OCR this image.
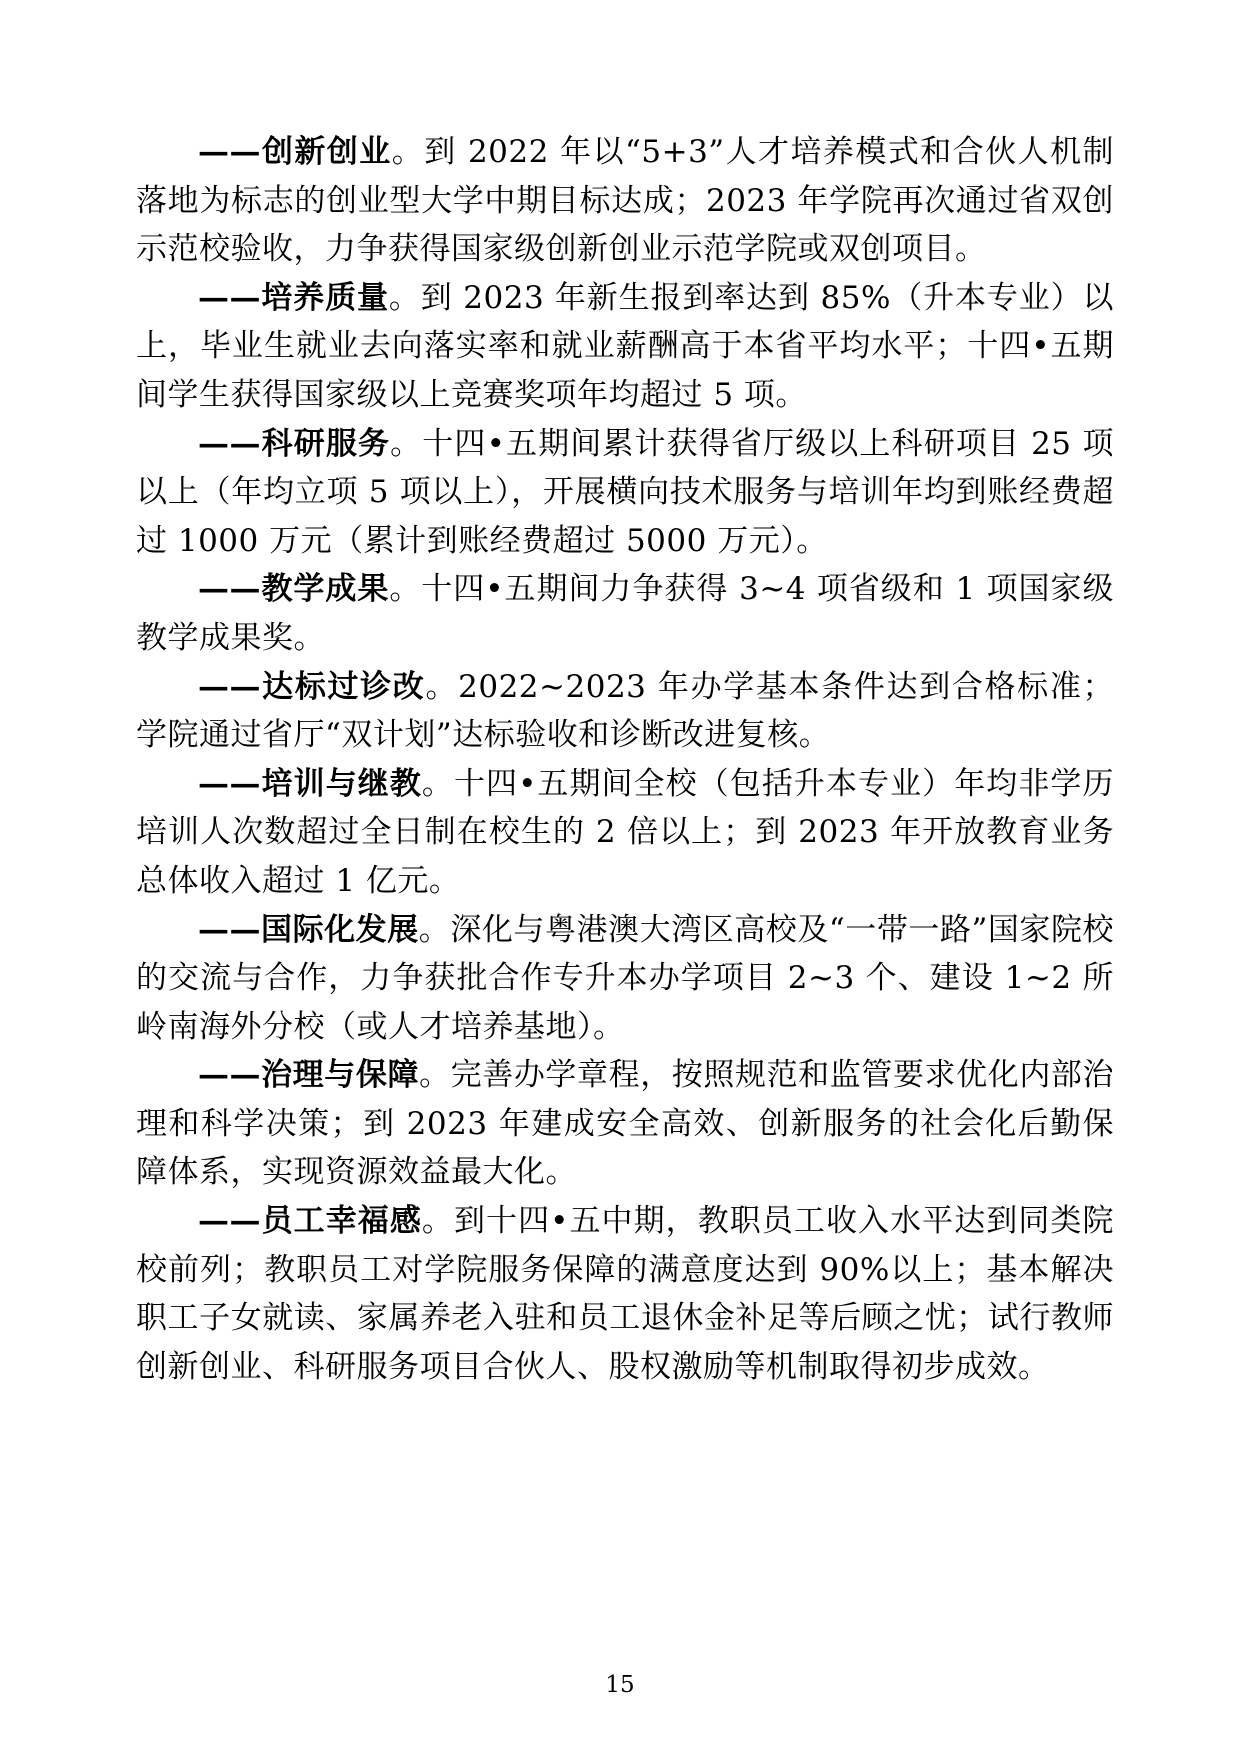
——创新创业。到 2022 年以“5+3”人才培养模式和合伙人机制落地为标志的创业型大学中期目标达成；2023 年学院再次通过省双创示范校验收，力争获得国家级创新创业示范学院或双创项目。

——培养质量。到 2023 年新生报到率达到 85%（升本专业）以上，毕业生就业去向落实率和就业薪酬高于本省平均水平；十四•五期间学生获得国家级以上竞赛奖项年均超过 5 项。

——科研服务。十四•五期间累计获得省厅级以上科研项目 25 项以上（年均立项 5 项以上），开展横向技术服务与培训年均到账经费超过 1000 万元（累计到账经费超过 5000 万元）。

——教学成果。十四•五期间力争获得 3~4 项省级和 1 项国家级教学成果奖。

——达标过诊改。2022~2023 年办学基本条件达到合格标准；学院通过省厅“双计划”达标验收和诊断改进复核。

——培训与继教。十四•五期间全校（包括升本专业）年均非学历培训人次数超过全日制在校生的 2 倍以上；到 2023 年开放教育业务总体收入超过 1 亿元。

——国际化发展。深化与粤港澳大湾区高校及“一带一路”国家院校的交流与合作，力争获批合作专升本办学项目 2~3 个、建设 1~2 所岭南海外分校（或人才培养基地）。

——治理与保障。完善办学章程，按照规范和监管要求优化内部治理和科学决策；到 2023 年建成安全高效、创新服务的社会化后勤保障体系，实现资源效益最大化。

——员工幸福感。到十四•五中期，教职员工收入水平达到同类院校前列；教职员工对学院服务保障的满意度达到 90%以上；基本解决职工子女就读、家属养老入驻和员工退休金补足等后顾之忧；试行教师创新创业、科研服务项目合伙人、股权激励等机制取得初步成效。

15
